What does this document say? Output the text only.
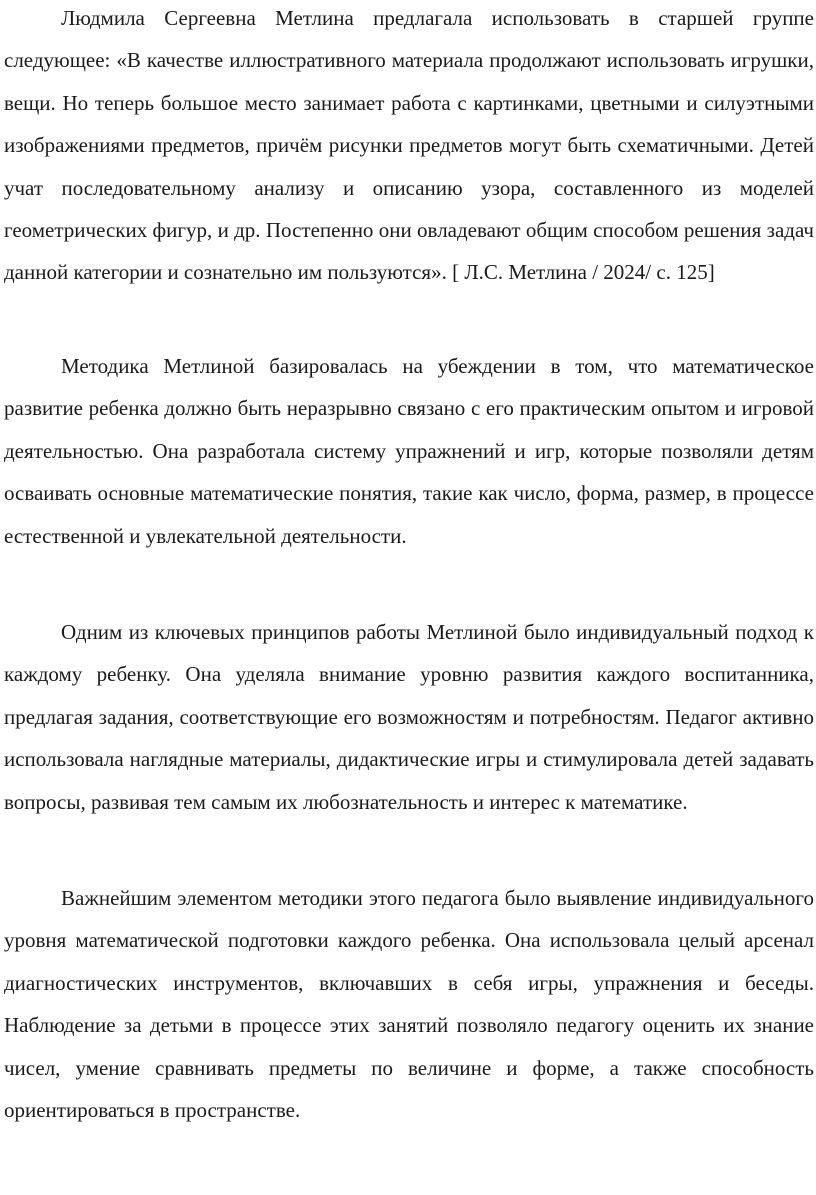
Людмила Сергеевна Метлина предлагала использовать в старшей группе следующее: «В качестве иллюстративного материала продолжают использовать игрушки, вещи. Но теперь большое место занимает работа с картинками, цветными и силуэтными изображениями предметов, причём рисунки предметов могут быть схематичными. Детей учат последовательному анализу и описанию узора, составленного из моделей геометрических фигур, и др. Постепенно они овладевают общим способом решения задач данной категории и сознательно им пользуются». [ Л.С. Метлина / 2024/ с. 125]

Методика Метлиной базировалась на убеждении в том, что математическое развитие ребенка должно быть неразрывно связано с его практическим опытом и игровой деятельностью. Она разработала систему упражнений и игр, которые позволяли детям осваивать основные математические понятия, такие как число, форма, размер, в процессе естественной и увлекательной деятельности.

Одним из ключевых принципов работы Метлиной было индивидуальный подход к каждому ребенку. Она уделяла внимание уровню развития каждого воспитанника, предлагая задания, соответствующие его возможностям и потребностям. Педагог активно использовала наглядные материалы, дидактические игры и стимулировала детей задавать вопросы, развивая тем самым их любознательность и интерес к математике.

Важнейшим элементом методики этого педагога было выявление индивидуального уровня математической подготовки каждого ребенка. Она использовала целый арсенал диагностических инструментов, включавших в себя игры, упражнения и беседы. Наблюдение за детьми в процессе этих занятий позволяло педагогу оценить их знание чисел, умение сравнивать предметы по величине и форме, а также способность ориентироваться в пространстве.
